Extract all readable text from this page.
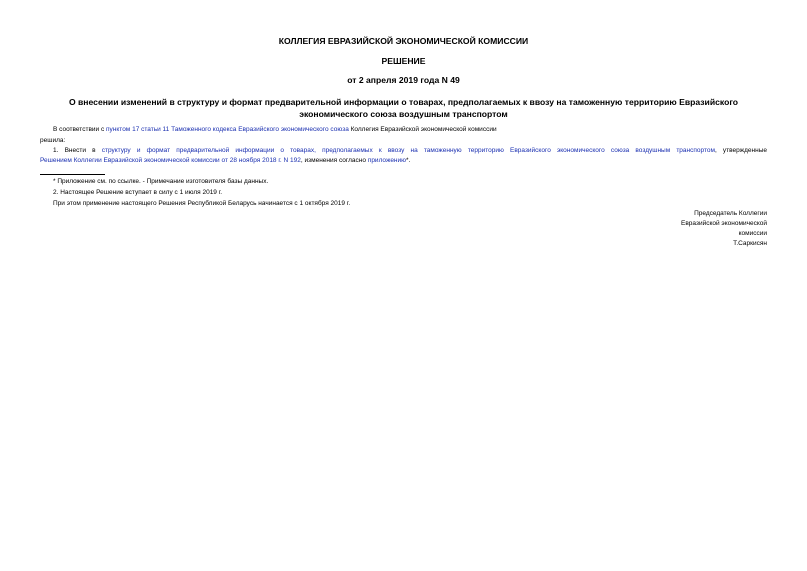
КОЛЛЕГИЯ ЕВРАЗИЙСКОЙ ЭКОНОМИЧЕСКОЙ КОМИССИИ
РЕШЕНИЕ
от 2 апреля 2019 года N 49
О внесении изменений в структуру и формат предварительной информации о товарах, предполагаемых к ввозу на таможенную территорию Евразийского
экономического союза воздушным транспортом
В соответствии с пунктом 17 статьи 11 Таможенного кодекса Евразийского экономического союза Коллегия Евразийской экономической комиссии
решила:
1. Внести в структуру и формат предварительной информации о товарах, предполагаемых к ввозу на таможенную территорию Евразийского экономического союза воздушным транспортом, утвержденные
Решением Коллегии Евразийской экономической комиссии от 28 ноября 2018 г. N 192, изменения согласно приложению*.
* Приложение см. по ссылке. - Примечание изготовителя базы данных.
2. Настоящее Решение вступает в силу с 1 июля 2019 г.
При этом применение настоящего Решения Республикой Беларусь начинается с 1 октября 2019 г.
Председатель Коллегии
Евразийской экономической
комиссии
Т.Саркисян
